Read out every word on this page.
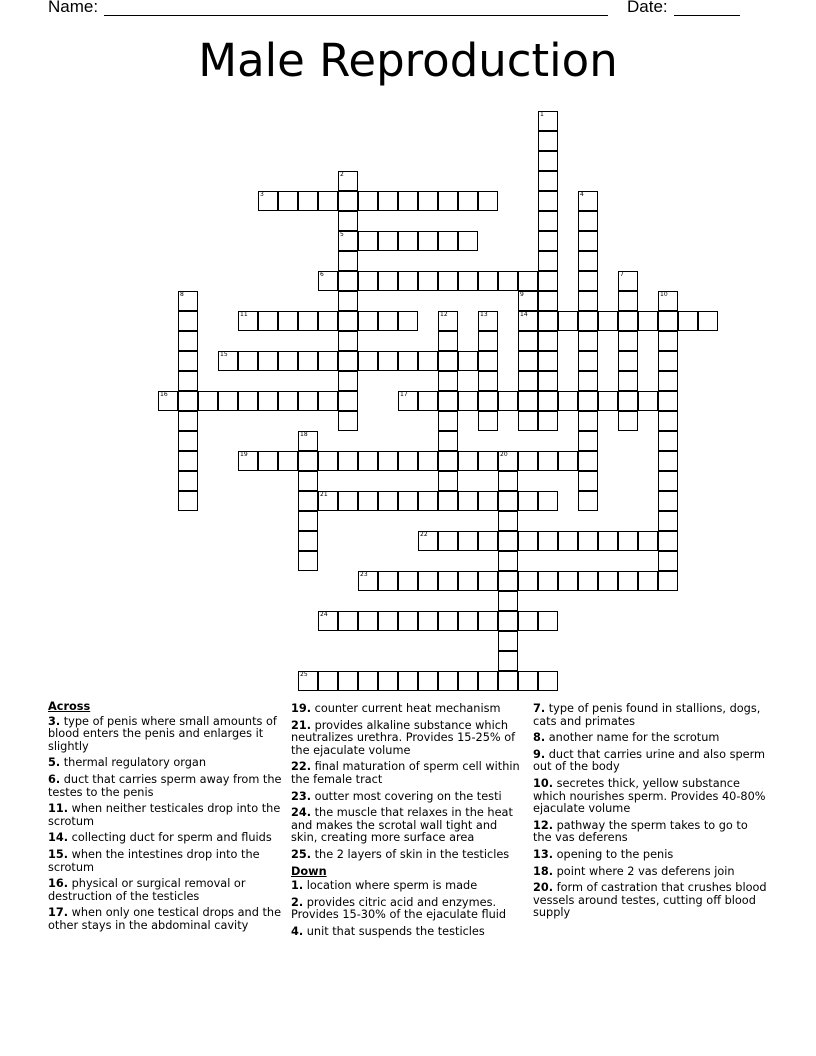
Name:	Date:
Male Reproduction
1
2
3	4
5
6	7
8	9	10
11	12	13	14
15
16	17
18
19	20
21
22
23
24
25
Across
3. type of penis where small amounts of blood enters the penis and enlarges it slightly
5. thermal regulatory organ
6. duct that carries sperm away from the testes to the penis
11. when neither testicales drop into the scrotum
14. collecting duct for sperm and fluids
15. when the intestines drop into the scrotum
16. physical or surgical removal or destruction of the testicles
17. when only one testical drops and the other stays in the abdominal cavity
19. counter current heat mechanism
21. provides alkaline substance which neutralizes urethra. Provides 15-25% of the ejaculate volume
22. final maturation of sperm cell within the female tract
23. outter most covering on the testi
24. the muscle that relaxes in the heat and makes the scrotal wall tight and skin, creating more surface area
25. the 2 layers of skin in the testicles
Down
1. location where sperm is made
2. provides citric acid and enzymes. Provides 15-30% of the ejaculate fluid
4. unit that suspends the testicles
7. type of penis found in stallions, dogs, cats and primates
8. another name for the scrotum
9. duct that carries urine and also sperm out of the body
10. secretes thick, yellow substance which nourishes sperm. Provides 40-80% ejaculate volume
12. pathway the sperm takes to go to the vas deferens
13. opening to the penis
18. point where 2 vas deferens join
20. form of castration that crushes blood vessels around testes, cutting off blood supply
